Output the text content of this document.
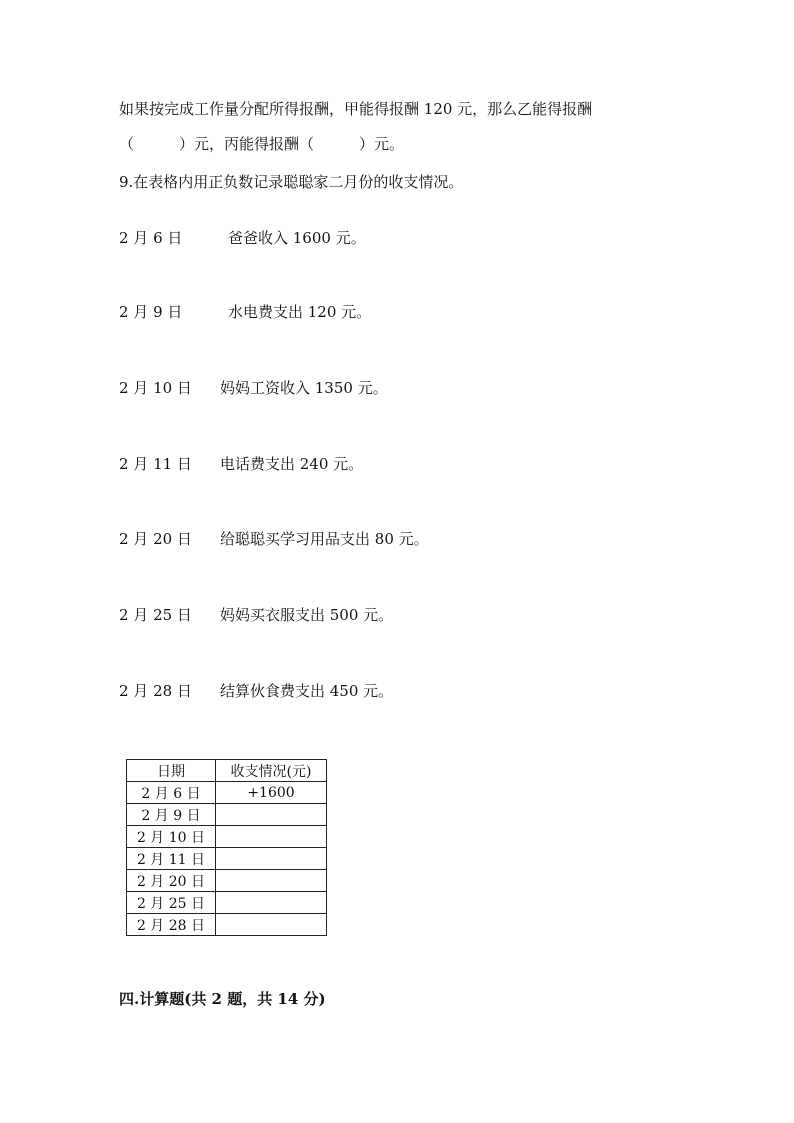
如果按完成工作量分配所得报酬，甲能得报酬 120 元，那么乙能得报酬
（　　　）元，丙能得报酬（　　　）元。
9.在表格内用正负数记录聪聪家二月份的收支情况。
2 月 6 日	爸爸收入 1600 元。
2 月 9 日	水电费支出 120 元。
2 月 10 日 妈妈工资收入 1350 元。
2 月 11 日 电话费支出 240 元。
2 月 20 日 给聪聪买学习用品支出 80 元。
2 月 25 日 妈妈买衣服支出 500 元。
2 月 28 日 结算伙食费支出 450 元。
日期	收支情况(元)
2 月 6 日	+1600
2 月 9 日	
2 月 10 日	
2 月 11 日	
2 月 20 日	
2 月 25 日	
2 月 28 日	
四.计算题(共 2 题，共 14 分)
